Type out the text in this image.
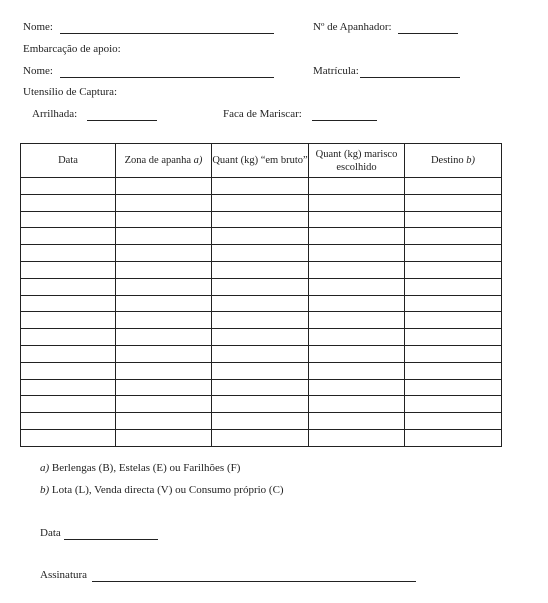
Nome:	Nº de Apanhador:
Embarcação de apoio:
Nome:	Matrícula:
Utensílio de Captura:
Arrilhada:	Faca de Mariscar:
Data	Zona de apanha a)	Quant (kg) “em bruto”	Quant (kg) marisco escolhido	Destino b)

a) Berlengas (B), Estelas (E) ou Farilhões (F)
b) Lota (L), Venda directa (V) ou Consumo próprio (C)
Data
Assinatura
